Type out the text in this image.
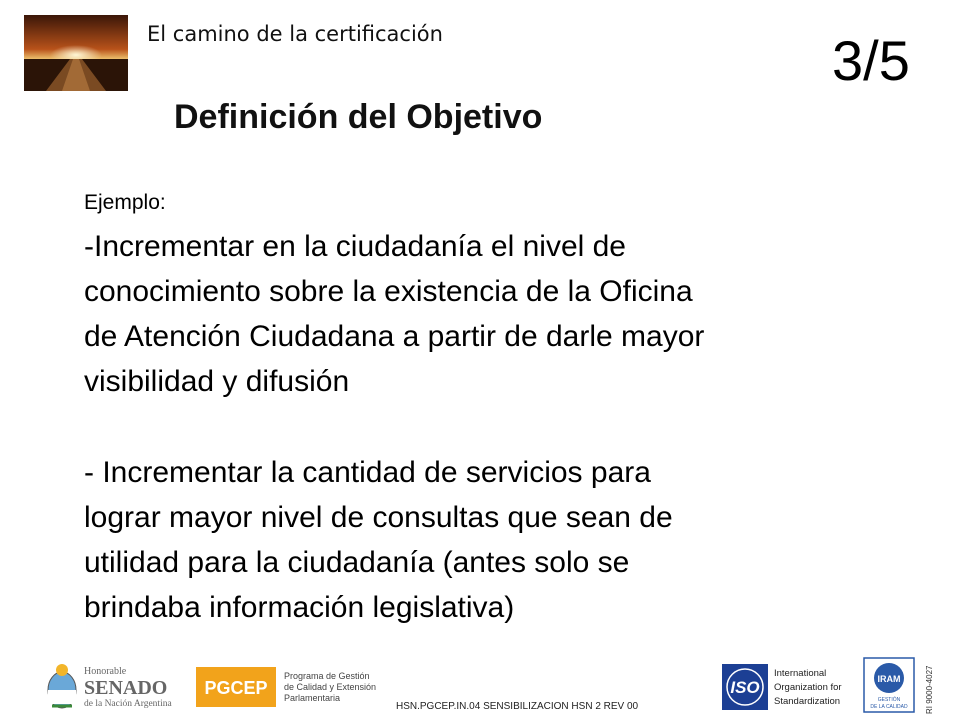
El camino de la certificación	3/5
Definición del Objetivo
Ejemplo:
-Incrementar en la ciudadanía el nivel de
conocimiento sobre la existencia de la Oficina
de Atención Ciudadana a partir de darle mayor
visibilidad y difusión
- Incrementar la cantidad de servicios para
lograr mayor nivel de consultas que sean de
utilidad para la ciudadanía (antes solo se
brindaba información legislativa)
Honorable
SENADO
de la Nación Argentina
PGCEP
Programa de Gestión
de Calidad y Extensión
Parlamentaria
HSN.PGCEP.IN.04 SENSIBILIZACION HSN 2 REV 00
ISO
International
Organization for
Standardization
IRAM
GESTIÓN
DE LA CALIDAD RI 9000-4027
